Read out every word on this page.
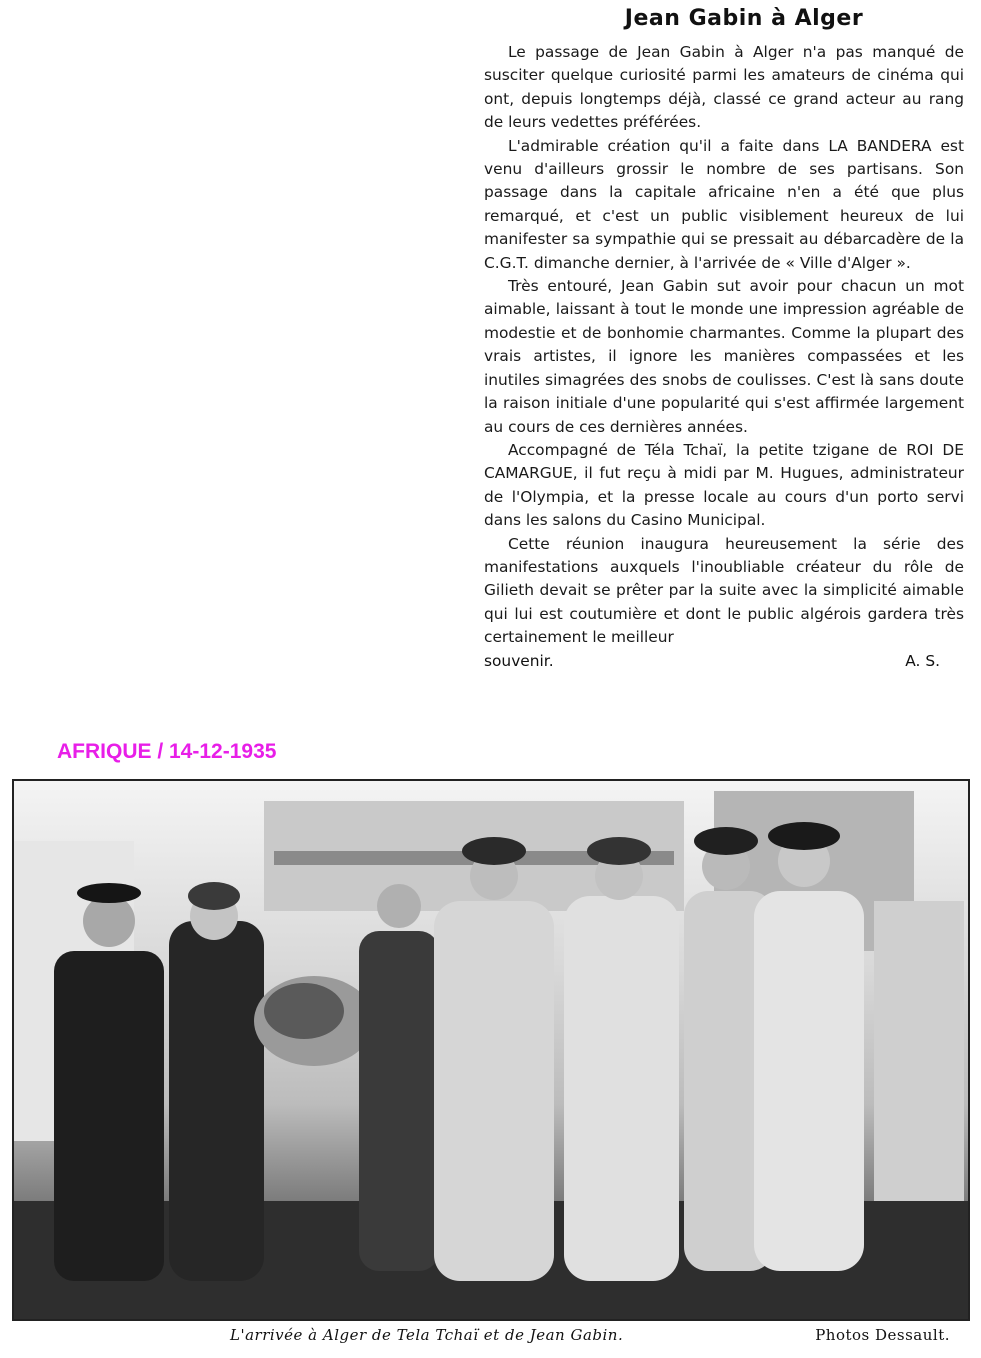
Jean Gabin à Alger

Le passage de Jean Gabin à Alger n'a pas manqué de susciter quelque curiosité parmi les amateurs de cinéma qui ont, depuis longtemps déjà, classé ce grand acteur au rang de leurs vedettes préférées.

L'admirable création qu'il a faite dans LA BANDERA est venu d'ailleurs grossir le nombre de ses partisans. Son passage dans la capitale africaine n'en a été que plus remarqué, et c'est un public visiblement heureux de lui manifester sa sympathie qui se pressait au débarcadère de la C.G.T. dimanche dernier, à l'arrivée de « Ville d'Alger ».

Très entouré, Jean Gabin sut avoir pour chacun un mot aimable, laissant à tout le monde une impression agréable de modestie et de bonhomie charmantes. Comme la plupart des vrais artistes, il ignore les manières compassées et les inutiles simagrées des snobs de coulisses. C'est là sans doute la raison initiale d'une popularité qui s'est affirmée largement au cours de ces dernières années.

Accompagné de Téla Tchaï, la petite tzigane de ROI DE CAMARGUE, il fut reçu à midi par M. Hugues, administrateur de l'Olympia, et la presse locale au cours d'un porto servi dans les salons du Casino Municipal.

Cette réunion inaugura heureusement la série des manifestations auxquels l'inoubliable créateur du rôle de Gilieth devait se prêter par la suite avec la simplicité aimable qui lui est coutumière et dont le public algérois gardera très certainement le meilleur

souvenir.	A. S.
AFRIQUE / 14-12-1935
L'arrivée à Alger de Tela Tchaï et de Jean Gabin.	Photos Dessault.
